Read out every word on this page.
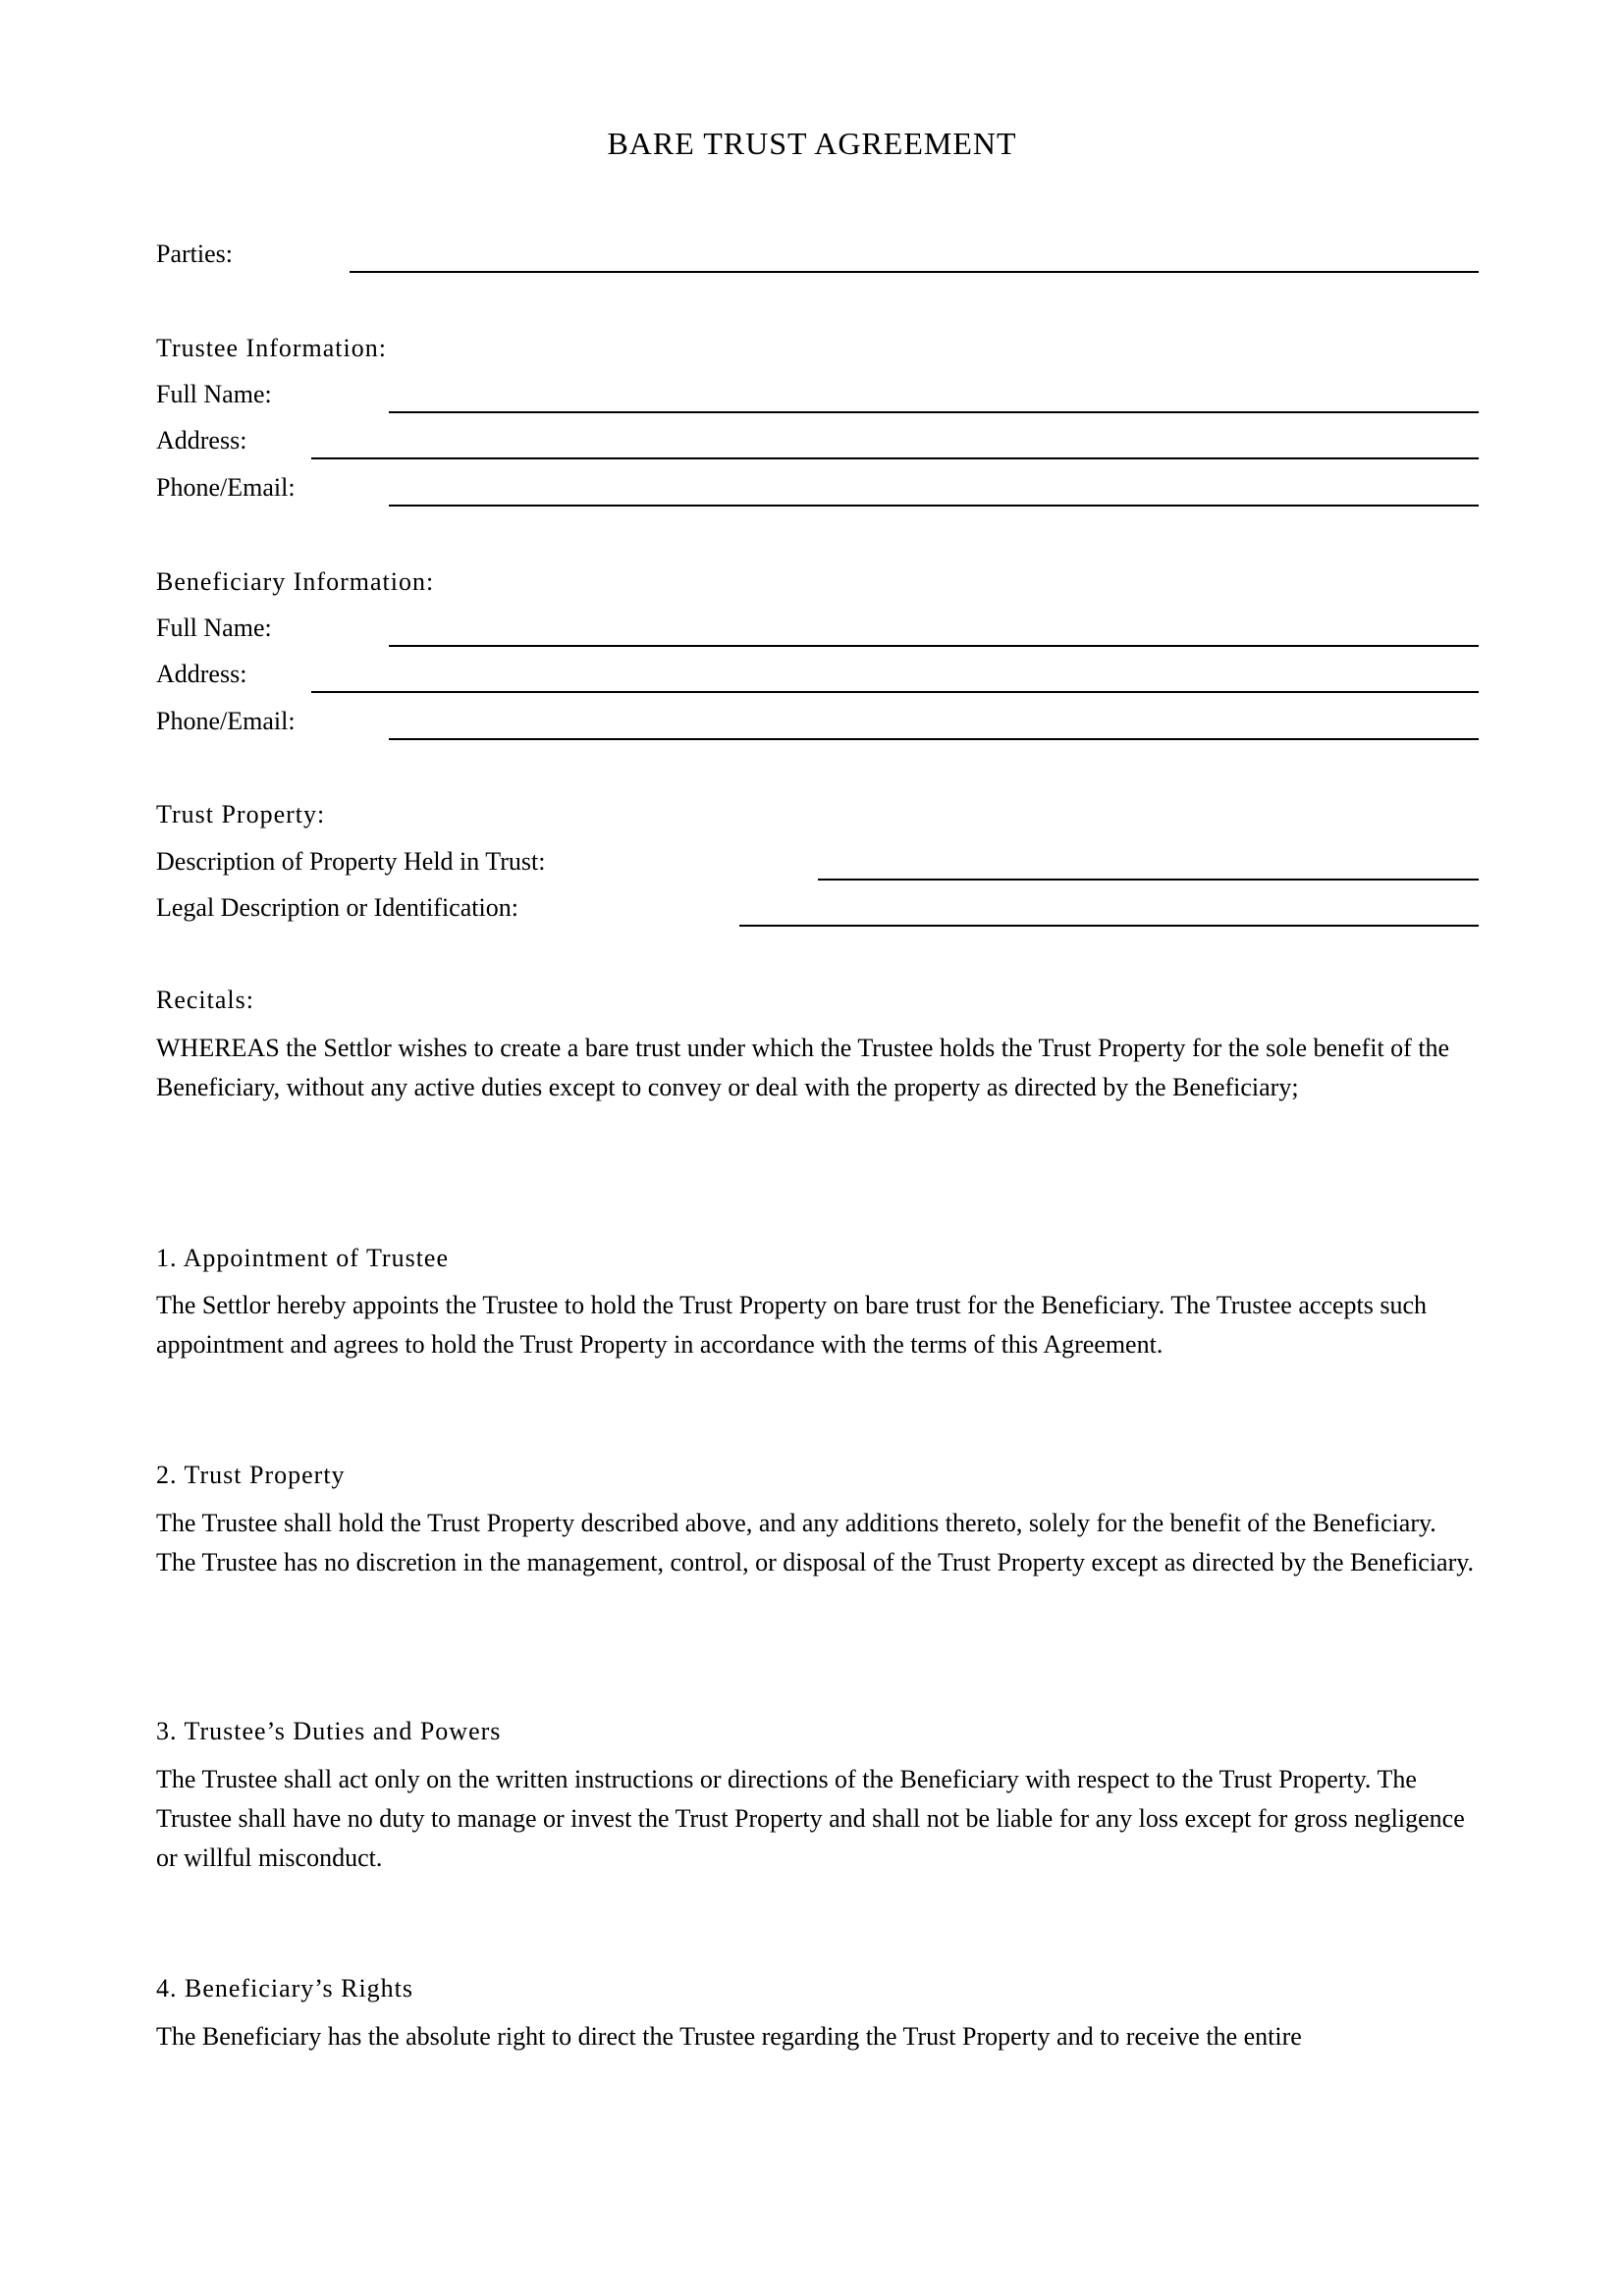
BARE TRUST AGREEMENT
Parties:
Trustee Information:
Full Name:
Address:
Phone/Email:
Beneficiary Information:
Full Name:
Address:
Phone/Email:
Trust Property:
Description of Property Held in Trust:
Legal Description or Identification:
Recitals:

WHEREAS the Settlor wishes to create a bare trust under which the Trustee holds the Trust Property for the sole benefit of the Beneficiary, without any active duties except to convey or deal with the property as directed by the Beneficiary;

1. Appointment of Trustee

The Settlor hereby appoints the Trustee to hold the Trust Property on bare trust for the Beneficiary. The Trustee accepts such appointment and agrees to hold the Trust Property in accordance with the terms of this Agreement.

2. Trust Property

The Trustee shall hold the Trust Property described above, and any additions thereto, solely for the benefit of the Beneficiary. The Trustee has no discretion in the management, control, or disposal of the Trust Property except as directed by the Beneficiary.

3. Trustee’s Duties and Powers

The Trustee shall act only on the written instructions or directions of the Beneficiary with respect to the Trust Property. The Trustee shall have no duty to manage or invest the Trust Property and shall not be liable for any loss except for gross negligence or willful misconduct.

4. Beneficiary’s Rights

The Beneficiary has the absolute right to direct the Trustee regarding the Trust Property and to receive the entire
